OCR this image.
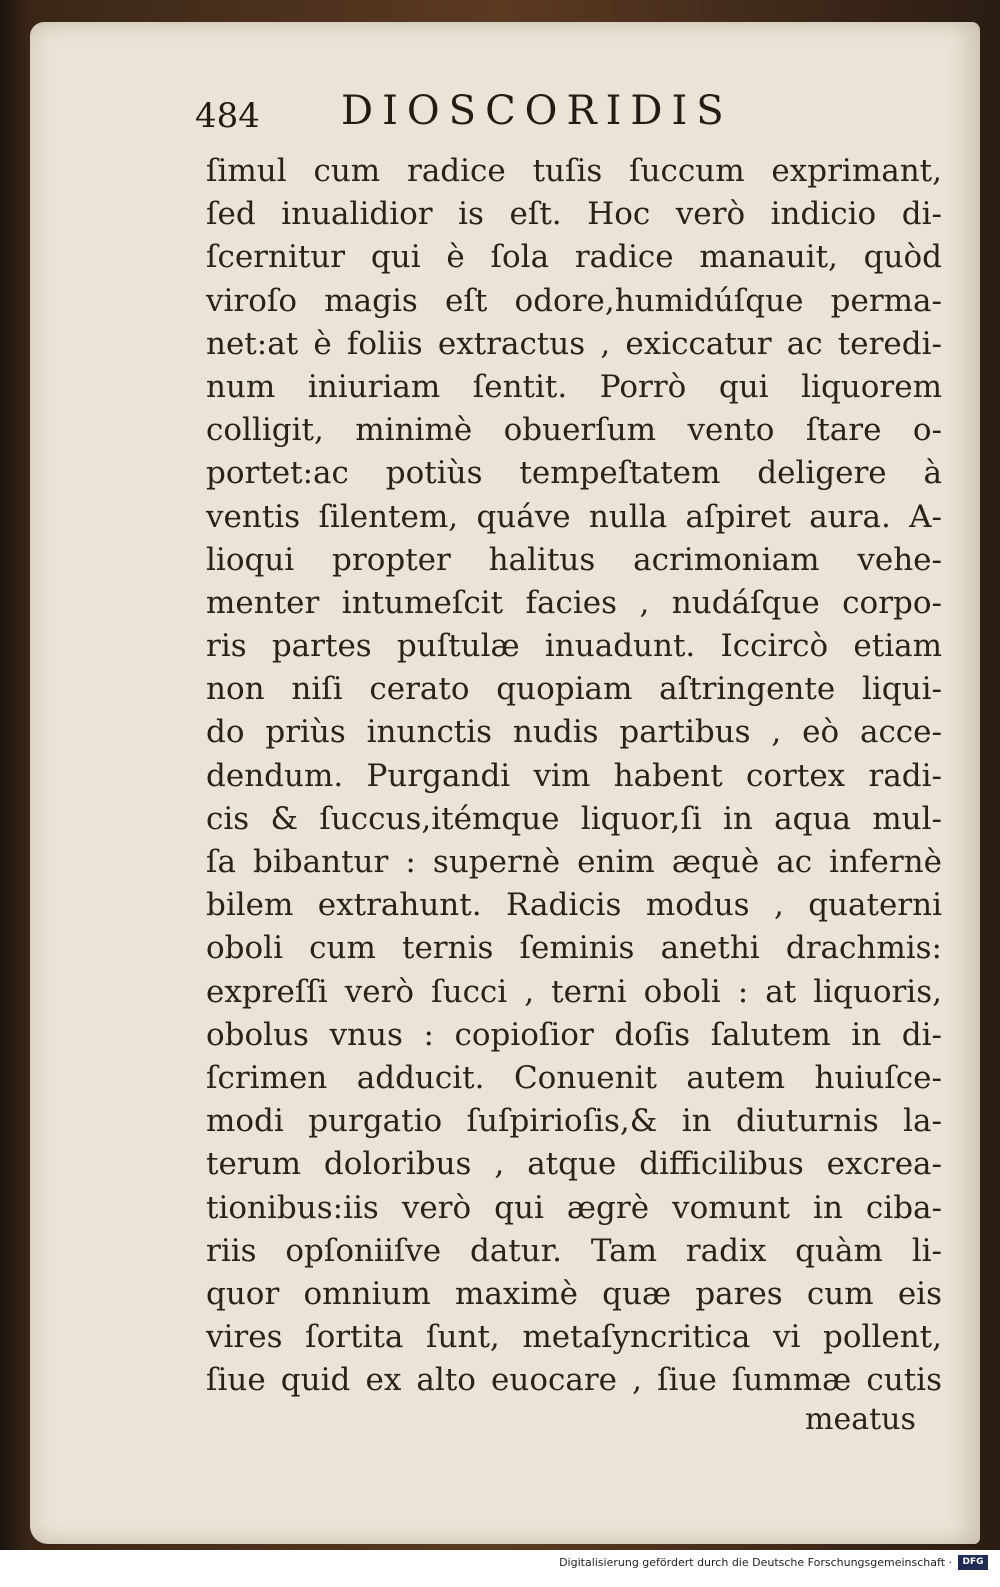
484 DIOSCORIDIS
ſimul cum radice tuſis ſuccum exprimant,
ſed inualidior is eſt. Hoc verò indicio di-
ſcernitur qui è ſola radice manauit, quòd
viroſo magis eſt odore,humidúſque perma-
net:at è foliis extractus , exiccatur ac teredi-
num iniuriam ſentit. Porrò qui liquorem
colligit, minimè obuerſum vento ſtare o-
portet:ac potiùs tempeſtatem deligere à
ventis ſilentem, quáve nulla aſpiret aura. A-
lioqui propter halitus acrimoniam vehe-
menter intumeſcit facies , nudáſque corpo-
ris partes puſtulæ inuadunt. Iccircò etiam
non niſi cerato quopiam aſtringente liqui-
do priùs inunctis nudis partibus , eò acce-
dendum. Purgandi vim habent cortex radi-
cis & ſuccus,itémque liquor,ſi in aqua mul-
ſa bibantur : supernè enim æquè ac infernè
bilem extrahunt. Radicis modus , quaterni
oboli cum ternis ſeminis anethi drachmis:
expreſſi verò ſucci , terni oboli : at liquoris,
obolus vnus : copioſior doſis ſalutem in di-
ſcrimen adducit. Conuenit autem huiuſce-
modi purgatio ſuſpirioſis,& in diuturnis la-
terum doloribus , atque difficilibus excrea-
tionibus:iis verò qui ægrè vomunt in ciba-
riis opſoniiſve datur. Tam radix quàm li-
quor omnium maximè quæ pares cum eis
vires ſortita ſunt, metaſyncritica vi pollent,
ſiue quid ex alto euocare , ſiue ſummæ cutis
meatus
Digitalisierung gefördert durch die Deutsche Forschungsgemeinschaft ·	DFG
